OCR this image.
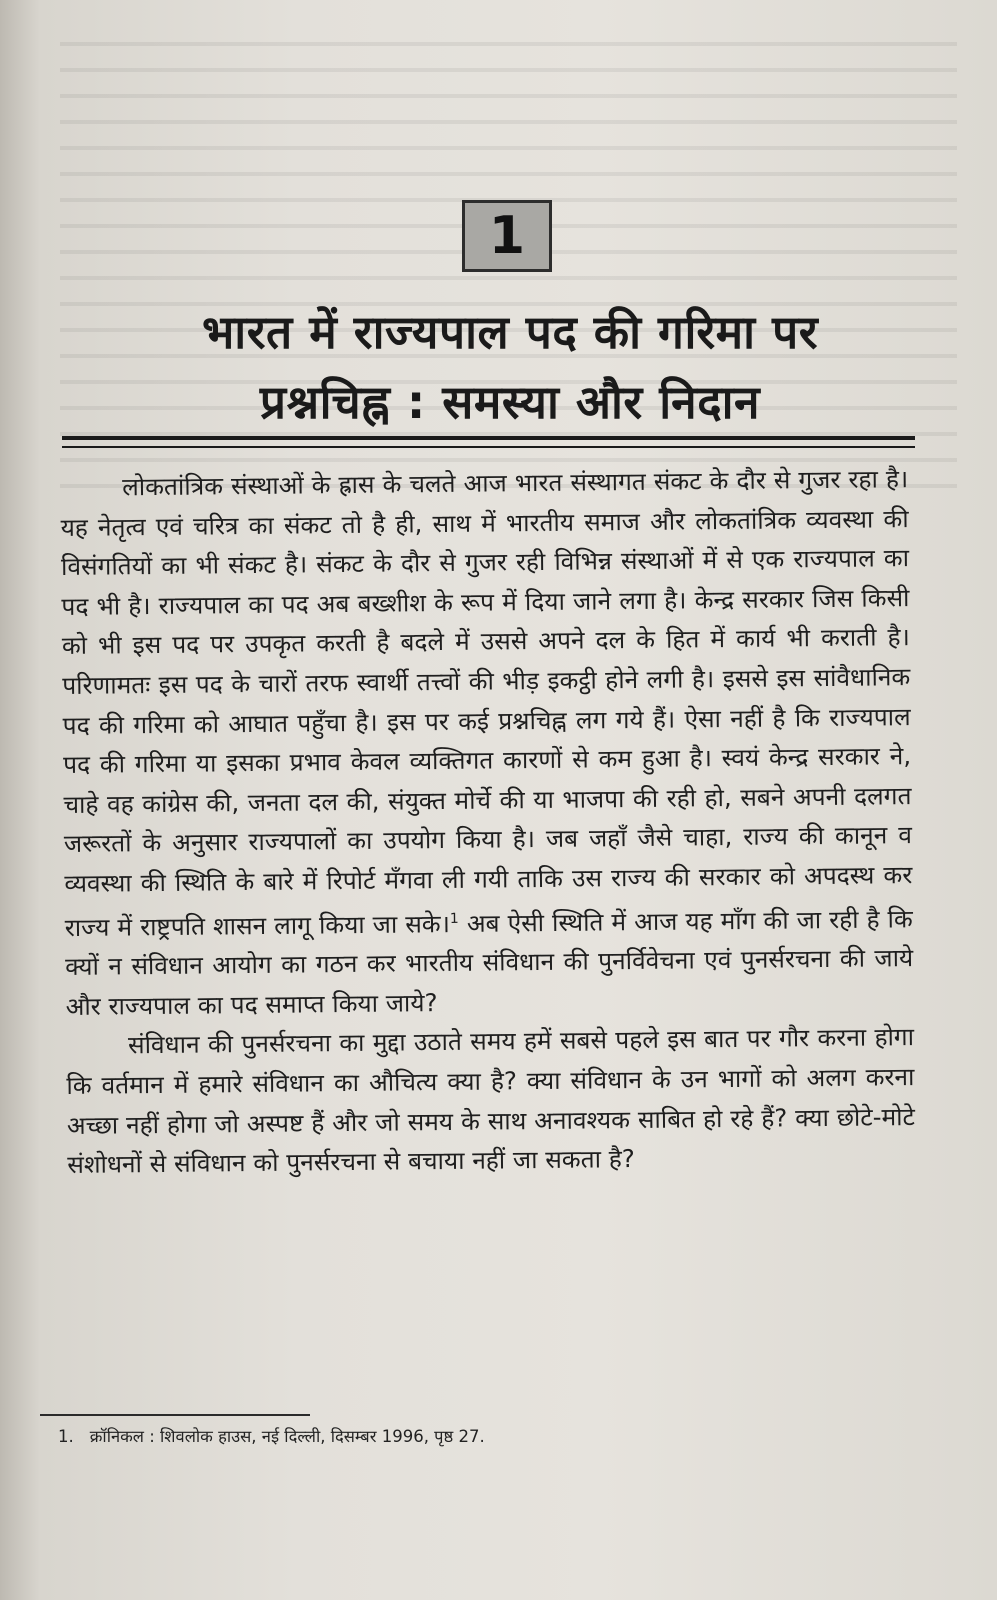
1
भारत में राज्यपाल पद की गरिमा पर
प्रश्नचिह्न : समस्या और निदान

लोकतांत्रिक संस्थाओं के ह्रास के चलते आज भारत संस्थागत संकट के दौर से गुजर रहा है। यह नेतृत्व एवं चरित्र का संकट तो है ही, साथ में भारतीय समाज और लोकतांत्रिक व्यवस्था की विसंगतियों का भी संकट है। संकट के दौर से गुजर रही विभिन्न संस्थाओं में से एक राज्यपाल का पद भी है। राज्यपाल का पद अब बख्शीश के रूप में दिया जाने लगा है। केन्द्र सरकार जिस किसी को भी इस पद पर उपकृत करती है बदले में उससे अपने दल के हित में कार्य भी कराती है। परिणामतः इस पद के चारों तरफ स्वार्थी तत्त्वों की भीड़ इकट्ठी होने लगी है। इससे इस सांवैधानिक पद की गरिमा को आघात पहुँचा है। इस पर कई प्रश्नचिह्न लग गये हैं। ऐसा नहीं है कि राज्यपाल पद की गरिमा या इसका प्रभाव केवल व्यक्तिगत कारणों से कम हुआ है। स्वयं केन्द्र सरकार ने, चाहे वह कांग्रेस की, जनता दल की, संयुक्त मोर्चे की या भाजपा की रही हो, सबने अपनी दलगत जरूरतों के अनुसार राज्यपालों का उपयोग किया है। जब जहाँ जैसे चाहा, राज्य की कानून व व्यवस्था की स्थिति के बारे में रिपोर्ट मँगवा ली गयी ताकि उस राज्य की सरकार को अपदस्थ कर राज्य में राष्ट्रपति शासन लागू किया जा सके।$^1$ अब ऐसी स्थिति में आज यह माँग की जा रही है कि क्यों न संविधान आयोग का गठन कर भारतीय संविधान की पुनर्विवेचना एवं पुनर्सरचना की जाये और राज्यपाल का पद समाप्त किया जाये?

संविधान की पुनर्सरचना का मुद्दा उठाते समय हमें सबसे पहले इस बात पर गौर करना होगा कि वर्तमान में हमारे संविधान का औचित्य क्या है? क्या संविधान के उन भागों को अलग करना अच्छा नहीं होगा जो अस्पष्ट हैं और जो समय के साथ अनावश्यक साबित हो रहे हैं? क्या छोटे-मोटे संशोधनों से संविधान को पुनर्सरचना से बचाया नहीं जा सकता है?

1. क्रॉनिकल : शिवलोक हाउस, नई दिल्ली, दिसम्बर 1996, पृष्ठ 27.
